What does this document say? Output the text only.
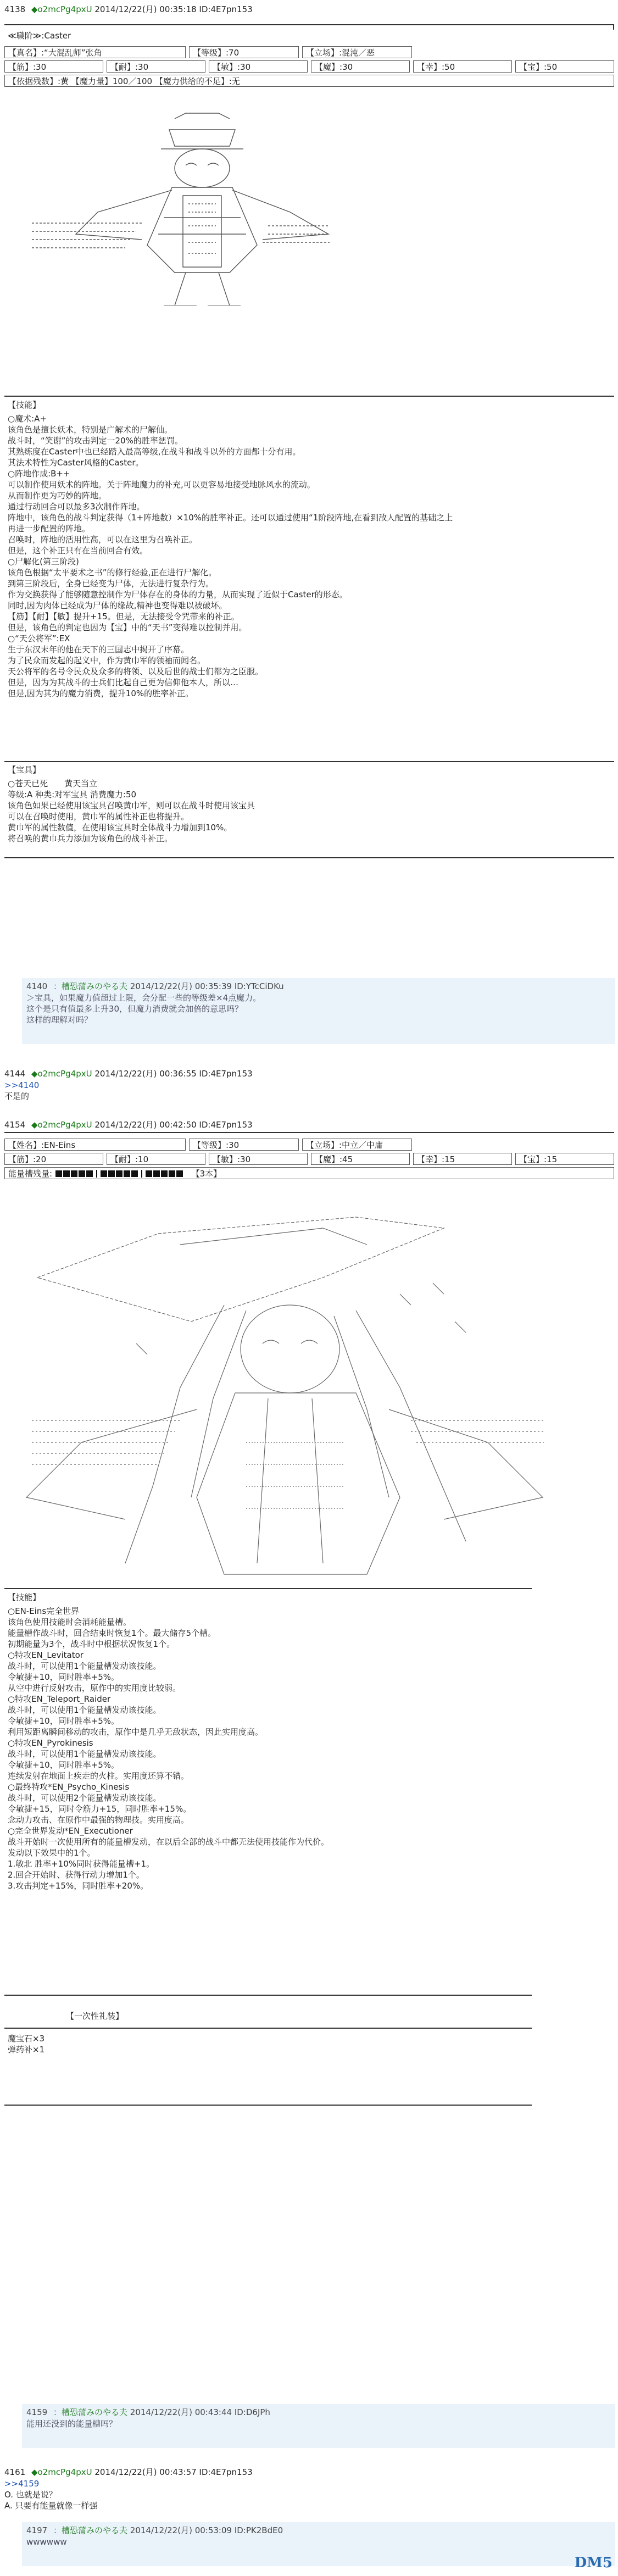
4138 ◆o2mcPg4pxU 2014/12/22(月) 00:35:18 ID:4E7pn153
≪職阶≫:Caster
【真名】:“大混乱师”张角	【等级】:70	【立场】:混沌／恶
【筋】:30	【耐】:30	【敏】:30	【魔】:30	【幸】:50	【宝】:50
【依据残数】:黄 【魔力量】100／100 【魔力供给的不足】:无

【技能】
○魔术:A+
该角色是擅长妖术，特别是广解术的尸解仙。
战斗时，“笑谢”的攻击判定一20%的胜率惩罚。
其熟练度在Caster中也已经踏入最高等级,在战斗和战斗以外的方面都十分有用。
其法术特性为Caster风格的Caster。
○阵地作成:B++
可以制作使用妖术的阵地。关于阵地魔力的补充,可以更容易地接受地脉风水的流动。
从而制作更为巧妙的阵地。
通过行动回合可以最多3次制作阵地。
阵地中，该角色的战斗判定获得（1+阵地数）×10%的胜率补正。还可以通过使用“1阶段阵地,在看到敌人配置的基础之上
再进一步配置的阵地。
召唤时，阵地的活用性高，可以在这里为召唤补正。
但是，这个补正只有在当前回合有效。
○尸解化(第三阶段)
该角色根据“太平要术之书”的修行经验,正在进行尸解化。
到第三阶段后，全身已经变为尸体，无法进行复杂行为。
作为交换获得了能够随意控制作为尸体存在的身体的力量，从而实现了近似于Caster的形态。
同时,因为肉体已经成为尸体的缘故,精神也变得难以被破坏。
【筋】【耐】【敏】提升+15。但是，无法接受令咒带来的补正。
但是，该角色的判定也因为【宝】中的“天书”变得难以控制并用。
○“天公将军”:EX
生于东汉末年的他在天下的三国志中揭开了序幕。
为了民众而发起的起义中，作为黄巾军的领袖而闻名。
天公将军的名号令民众及众多的将领、以及后世的战士们都为之臣服。
但是，因为为其战斗的士兵们比起自己更为信仰他本人，所以…
但是,因为其为的魔力消费，提升10%的胜率补正。
【宝具】
○苍天已死　　黄天当立
等级:A 种类:对军宝具 消费魔力:50
该角色如果已经使用该宝具召唤黄巾军，则可以在战斗时使用该宝具
可以在召唤时使用，黄巾军的属性补正也将提升。
黄巾军的属性数值，在使用该宝具时全体战斗力增加到10%。
将召唤的黄巾兵力添加为该角色的战斗补正。
4140 ：槽恐蒲みのやる夫 2014/12/22(月) 00:35:39 ID:YTcCiDKu
＞宝具，如果魔力值超过上限，会分配一些的等级差×4点魔力。
这个是只有值最多上升30，但魔力消费就会加倍的意思吗？
这样的理解对吗？
4144 ◆o2mcPg4pxU 2014/12/22(月) 00:36:55 ID:4E7pn153
>>4140
不是的
4154 ◆o2mcPg4pxU 2014/12/22(月) 00:42:50 ID:4E7pn153
【姓名】:EN-Eins	【等级】:30	【立场】:中立／中庸
【筋】:20	【耐】:10	【敏】:30	【魔】:45	【幸】:15	【宝】:15
能量槽残量:	【3本】

【技能】
○EN-Eins完全世界
该角色使用技能时会消耗能量槽。
能量槽作战斗时，回合结束时恢复1个。最大储存5个槽。
初期能量为3个，战斗时中根据状况恢复1个。
○特攻EN_Levitator
战斗时，可以使用1个能量槽发动该技能。
令敏捷+10，同时胜率+5%。
从空中进行反射攻击，原作中的实用度比较弱。
○特攻EN_Teleport_Raider
战斗时，可以使用1个能量槽发动该技能。
令敏捷+10，同时胜率+5%。
利用短距离瞬间移动的攻击，原作中是几乎无敌状态，因此实用度高。
○特攻EN_Pyrokinesis
战斗时，可以使用1个能量槽发动该技能。
令敏捷+10，同时胜率+5%。
连续发射在地面上疾走的火柱。实用度还算不错。
○最终特攻*EN_Psycho_Kinesis
战斗时，可以使用2个能量槽发动该技能。
令敏捷+15，同时令筋力+15，同时胜率+15%。
念动力攻击、在原作中最强的物理技。实用度高。
○完全世界发动*EN_Executioner
战斗开始时一次使用所有的能量槽发动，在以后全部的战斗中都无法使用技能作为代价。
发动以下效果中的1个。
1.敏北 胜率+10%同时获得能量槽+1。
2.回合开始时、获得行动力增加1个。
3.攻击判定+15%，同时胜率+20%。
【一次性礼装】
魔宝石×3
弹药补×1
4159 ：槽恐蒲みのやる夫 2014/12/22(月) 00:43:44 ID:D6JPh
能用还没到的能量槽吗？
4161 ◆o2mcPg4pxU 2014/12/22(月) 00:43:57 ID:4E7pn153
>>4159
O. 也就是说？
A. 只要有能量就像一样强
4197 ：槽恐蒲みのやる夫 2014/12/22(月) 00:53:09 ID:PK2BdE0
wwwwww
DM5
